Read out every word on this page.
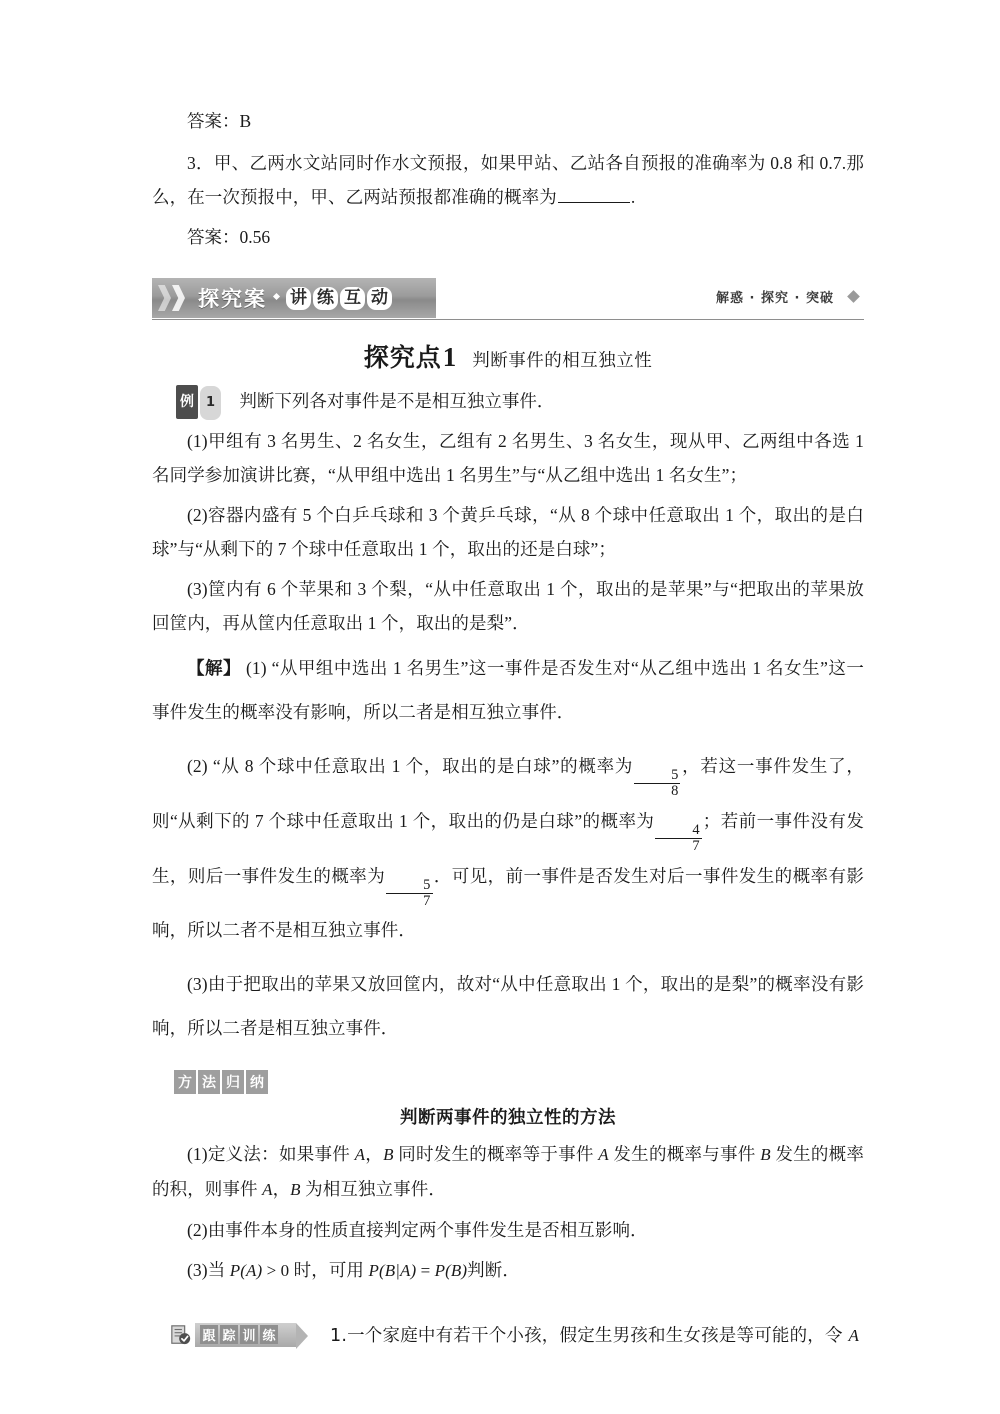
答案：B

3．甲、乙两水文站同时作水文预报，如果甲站、乙站各自预报的准确率为 0.8 和 0.7.那么，在一次预报中，甲、乙两站预报都准确的概率为	.

答案：0.56

探究案 讲 练 互 动	解惑 · 探究 · 突破
探究点1 判断事件的相互独立性
例 1 判断下列各对事件是不是相互独立事件．

(1)甲组有 3 名男生、2 名女生，乙组有 2 名男生、3 名女生，现从甲、乙两组中各选 1 名同学参加演讲比赛，“从甲组中选出 1 名男生”与“从乙组中选出 1 名女生”；

(2)容器内盛有 5 个白乒乓球和 3 个黄乒乓球，“从 8 个球中任意取出 1 个，取出的是白球”与“从剩下的 7 个球中任意取出 1 个，取出的还是白球”；

(3)筐内有 6 个苹果和 3 个梨，“从中任意取出 1 个，取出的是苹果”与“把取出的苹果放回筐内，再从筐内任意取出 1 个，取出的是梨”．

【解】 (1) “从甲组中选出 1 名男生”这一事件是否发生对“从乙组中选出 1 名女生”这一事件发生的概率没有影响，所以二者是相互独立事件．

(2) “从 8 个球中任意取出 1 个，取出的是白球”的概率为
$\frac{5}{8}$
，若这一事件发生了，则“从剩下的 7 个球中任意取出 1 个，取出的仍是白球”的概率为
$\frac{4}{7}$
；若前一事件没有发生，则后一事件发生的概率为
$\frac{5}{7}$
．可见，前一事件是否发生对后一事件发生的概率有影响，所以二者不是相互独立事件．

(3)由于把取出的苹果又放回筐内，故对“从中任意取出 1 个，取出的是梨”的概率没有影响，所以二者是相互独立事件．

方 法 归 纳
判断两事件的独立性的方法

(1)定义法：如果事件 A，B 同时发生的概率等于事件 A 发生的概率与事件 B 发生的概率的积，则事件 A，B 为相互独立事件．

(2)由事件本身的性质直接判定两个事件发生是否相互影响．

(3)当 P(A) > 0 时，可用 P(B|A) = P(B)判断．

跟 踪 训 练	1.一个家庭中有若干个小孩，假定生男孩和生女孩是等可能的，令 A
